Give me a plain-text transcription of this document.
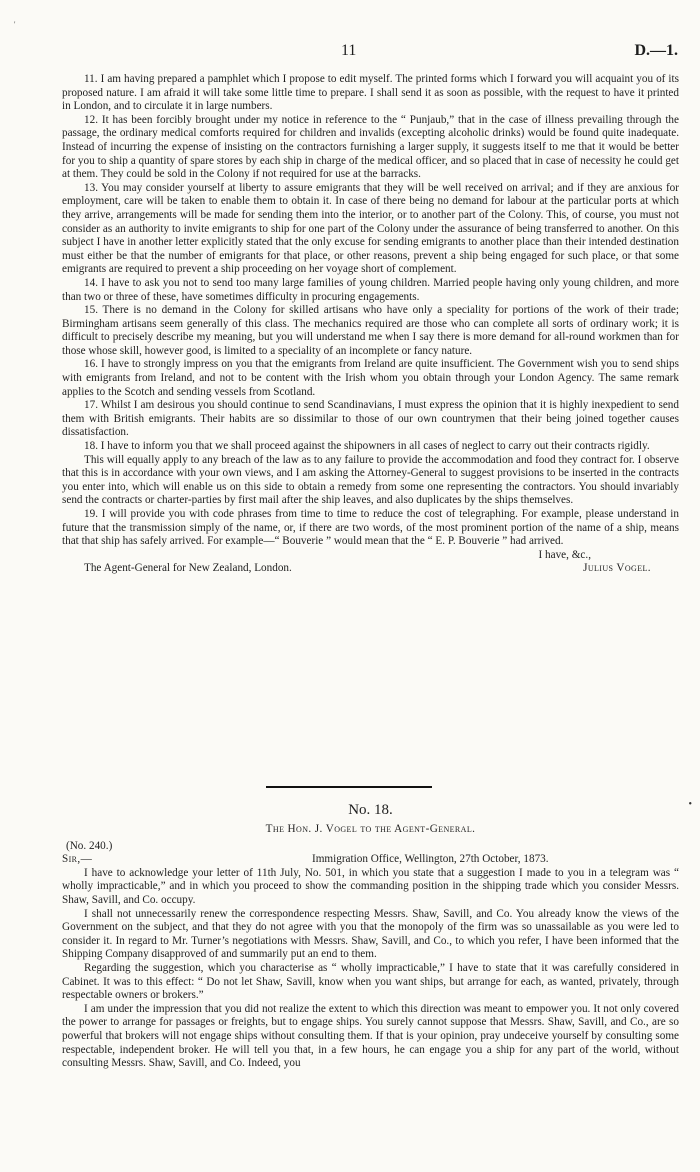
'
11	D.—1.

11. I am having prepared a pamphlet which I propose to edit myself. The printed forms which I forward you will acquaint you of its proposed nature. I am afraid it will take some little time to prepare. I shall send it as soon as possible, with the request to have it printed in London, and to circulate it in large numbers.

12. It has been forcibly brought under my notice in reference to the “ Punjaub,” that in the case of illness prevailing through the passage, the ordinary medical comforts required for children and invalids (excepting alcoholic drinks) would be found quite inadequate. Instead of incurring the expense of insisting on the contractors furnishing a larger supply, it suggests itself to me that it would be better for you to ship a quantity of spare stores by each ship in charge of the medical officer, and so placed that in case of necessity he could get at them. They could be sold in the Colony if not required for use at the barracks.

13. You may consider yourself at liberty to assure emigrants that they will be well received on arrival; and if they are anxious for employment, care will be taken to enable them to obtain it. In case of there being no demand for labour at the particular ports at which they arrive, arrangements will be made for sending them into the interior, or to another part of the Colony. This, of course, you must not consider as an authority to invite emigrants to ship for one part of the Colony under the assurance of being transferred to another. On this subject I have in another letter explicitly stated that the only excuse for sending emigrants to another place than their intended destination must either be that the number of emigrants for that place, or other reasons, prevent a ship being engaged for such place, or that some emigrants are required to prevent a ship proceeding on her voyage short of complement.

14. I have to ask you not to send too many large families of young children. Married people having only young children, and more than two or three of these, have sometimes difficulty in procuring engagements.

15. There is no demand in the Colony for skilled artisans who have only a speciality for portions of the work of their trade; Birmingham artisans seem generally of this class. The mechanics required are those who can complete all sorts of ordinary work; it is difficult to precisely describe my meaning, but you will understand me when I say there is more demand for all-round workmen than for those whose skill, however good, is limited to a speciality of an incomplete or fancy nature.

16. I have to strongly impress on you that the emigrants from Ireland are quite insufficient. The Government wish you to send ships with emigrants from Ireland, and not to be content with the Irish whom you obtain through your London Agency. The same remark applies to the Scotch and sending vessels from Scotland.

17. Whilst I am desirous you should continue to send Scandinavians, I must express the opinion that it is highly inexpedient to send them with British emigrants. Their habits are so dissimilar to those of our own countrymen that their being joined together causes dissatisfaction.

18. I have to inform you that we shall proceed against the shipowners in all cases of neglect to carry out their contracts rigidly.

This will equally apply to any breach of the law as to any failure to provide the accommodation and food they contract for. I observe that this is in accordance with your own views, and I am asking the Attorney-General to suggest provisions to be inserted in the contracts you enter into, which will enable us on this side to obtain a remedy from some one representing the contractors. You should invariably send the contracts or charter-parties by first mail after the ship leaves, and also duplicates by the ships themselves.

19. I will provide you with code phrases from time to time to reduce the cost of telegraphing. For example, please understand in future that the transmission simply of the name, or, if there are two words, of the most prominent portion of the name of a ship, means that that ship has safely arrived. For example—“ Bouverie ” would mean that the “ E. P. Bouverie ” had arrived.

I have, &c.,

The Agent-General for New Zealand, London.	Julius Vogel.
•
No. 18.
The Hon. J. Vogel to the Agent-General.
(No. 240.)
Sir,—	Immigration Office, Wellington, 27th October, 1873.

I have to acknowledge your letter of 11th July, No. 501, in which you state that a suggestion I made to you in a telegram was “ wholly impracticable,” and in which you proceed to show the commanding position in the shipping trade which you consider Messrs. Shaw, Savill, and Co. occupy.

I shall not unnecessarily renew the correspondence respecting Messrs. Shaw, Savill, and Co. You already know the views of the Government on the subject, and that they do not agree with you that the monopoly of the firm was so unassailable as you were led to consider it. In regard to Mr. Turner’s negotiations with Messrs. Shaw, Savill, and Co., to which you refer, I have been informed that the Shipping Company disapproved of and summarily put an end to them.

Regarding the suggestion, which you characterise as “ wholly impracticable,” I have to state that it was carefully considered in Cabinet. It was to this effect: “ Do not let Shaw, Savill, know when you want ships, but arrange for each, as wanted, privately, through respectable owners or brokers.”

I am under the impression that you did not realize the extent to which this direction was meant to empower you. It not only covered the power to arrange for passages or freights, but to engage ships. You surely cannot suppose that Messrs. Shaw, Savill, and Co., are so powerful that brokers will not engage ships without consulting them. If that is your opinion, pray undeceive yourself by consulting some respectable, independent broker. He will tell you that, in a few hours, he can engage you a ship for any part of the world, without consulting Messrs. Shaw, Savill, and Co. Indeed, you
